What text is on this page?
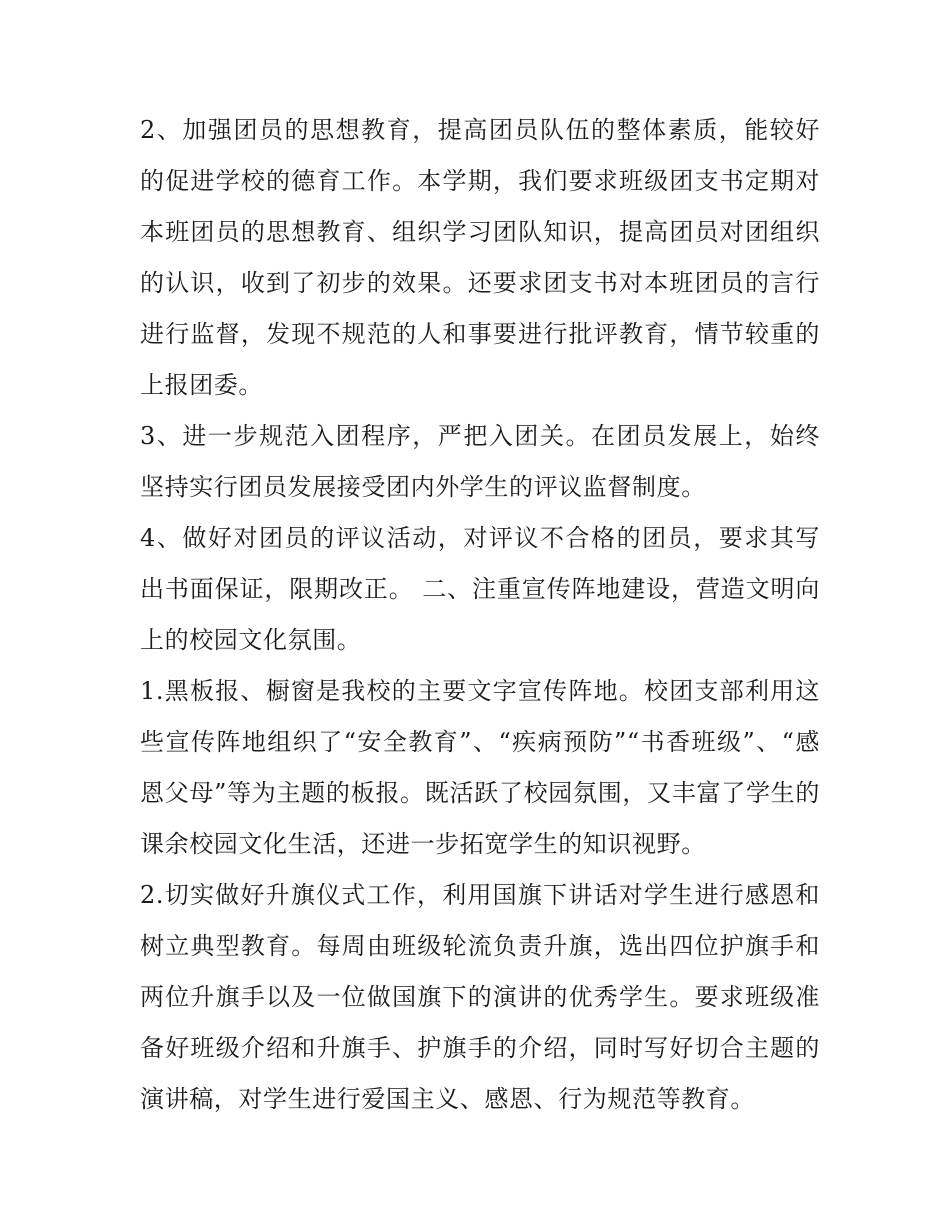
2、加强团员的思想教育，提高团员队伍的整体素质，能较好的促进学校的德育工作。本学期，我们要求班级团支书定期对本班团员的思想教育、组织学习团队知识，提高团员对团组织的认识，收到了初步的效果。还要求团支书对本班团员的言行进行监督，发现不规范的人和事要进行批评教育，情节较重的上报团委。

3、进一步规范入团程序，严把入团关。在团员发展上，始终坚持实行团员发展接受团内外学生的评议监督制度。

4、做好对团员的评议活动，对评议不合格的团员，要求其写出书面保证，限期改正。 二、注重宣传阵地建设，营造文明向上的校园文化氛围。

1.黑板报、橱窗是我校的主要文字宣传阵地。校团支部利用这些宣传阵地组织了“安全教育”、“疾病预防”“书香班级”、“感恩父母”等为主题的板报。既活跃了校园氛围，又丰富了学生的课余校园文化生活，还进一步拓宽学生的知识视野。

2.切实做好升旗仪式工作，利用国旗下讲话对学生进行感恩和树立典型教育。每周由班级轮流负责升旗，选出四位护旗手和两位升旗手以及一位做国旗下的演讲的优秀学生。要求班级准备好班级介绍和升旗手、护旗手的介绍，同时写好切合主题的演讲稿，对学生进行爱国主义、感恩、行为规范等教育。
